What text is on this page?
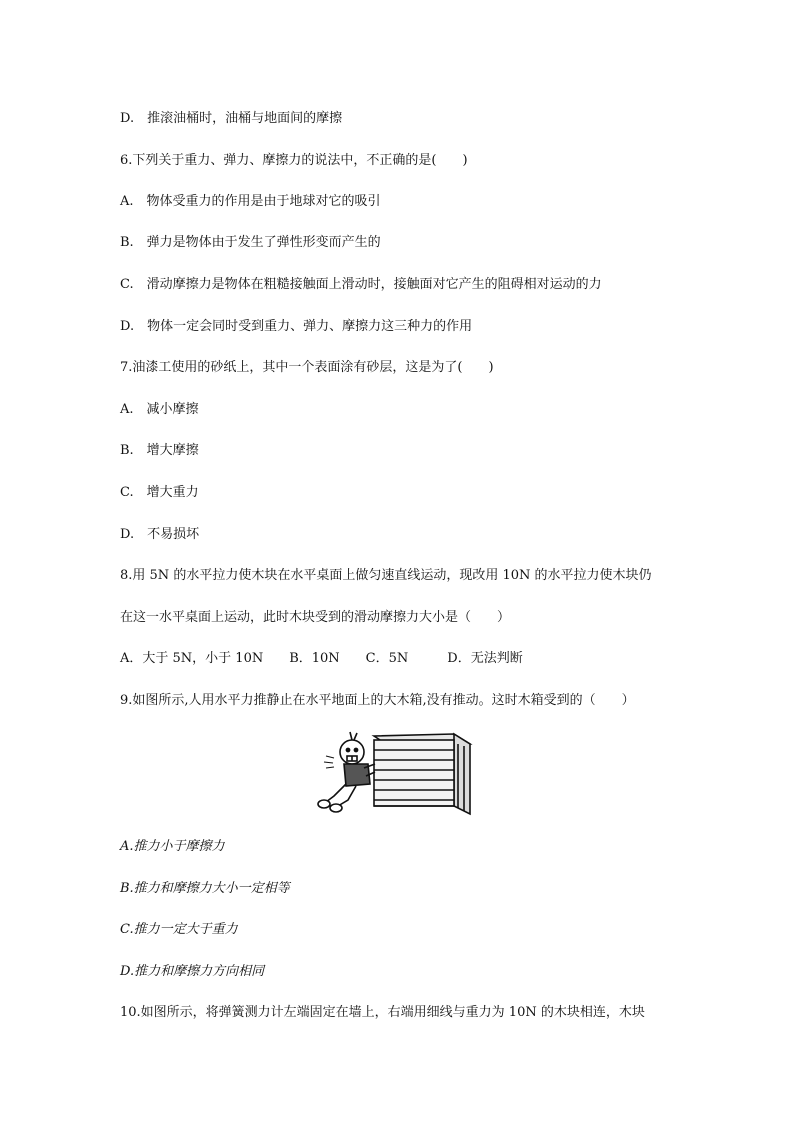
D.　推滚油桶时，油桶与地面间的摩擦
6.下列关于重力、弹力、摩擦力的说法中，不正确的是(　　)
A.　物体受重力的作用是由于地球对它的吸引
B.　弹力是物体由于发生了弹性形变而产生的
C.　滑动摩擦力是物体在粗糙接触面上滑动时，接触面对它产生的阻碍相对运动的力
D.　物体一定会同时受到重力、弹力、摩擦力这三种力的作用
7.油漆工使用的砂纸上，其中一个表面涂有砂层，这是为了(　　)
A.　减小摩擦
B.　增大摩擦
C.　增大重力
D.　不易损坏
8.用 5N 的水平拉力使木块在水平桌面上做匀速直线运动，现改用 10N 的水平拉力使木块仍
在这一水平桌面上运动，此时木块受到的滑动摩擦力大小是（　　）
A．大于 5N，小于 10N　　B．10N　　C．5N　　　D．无法判断
9.如图所示,人用水平力推静止在水平地面上的大木箱,没有推动。这时木箱受到的（　　）
A.推力小于摩擦力
B.推力和摩擦力大小一定相等
C.推力一定大于重力
D.推力和摩擦力方向相同
10.如图所示，将弹簧测力计左端固定在墙上，右端用细线与重力为 10N 的木块相连，木块
